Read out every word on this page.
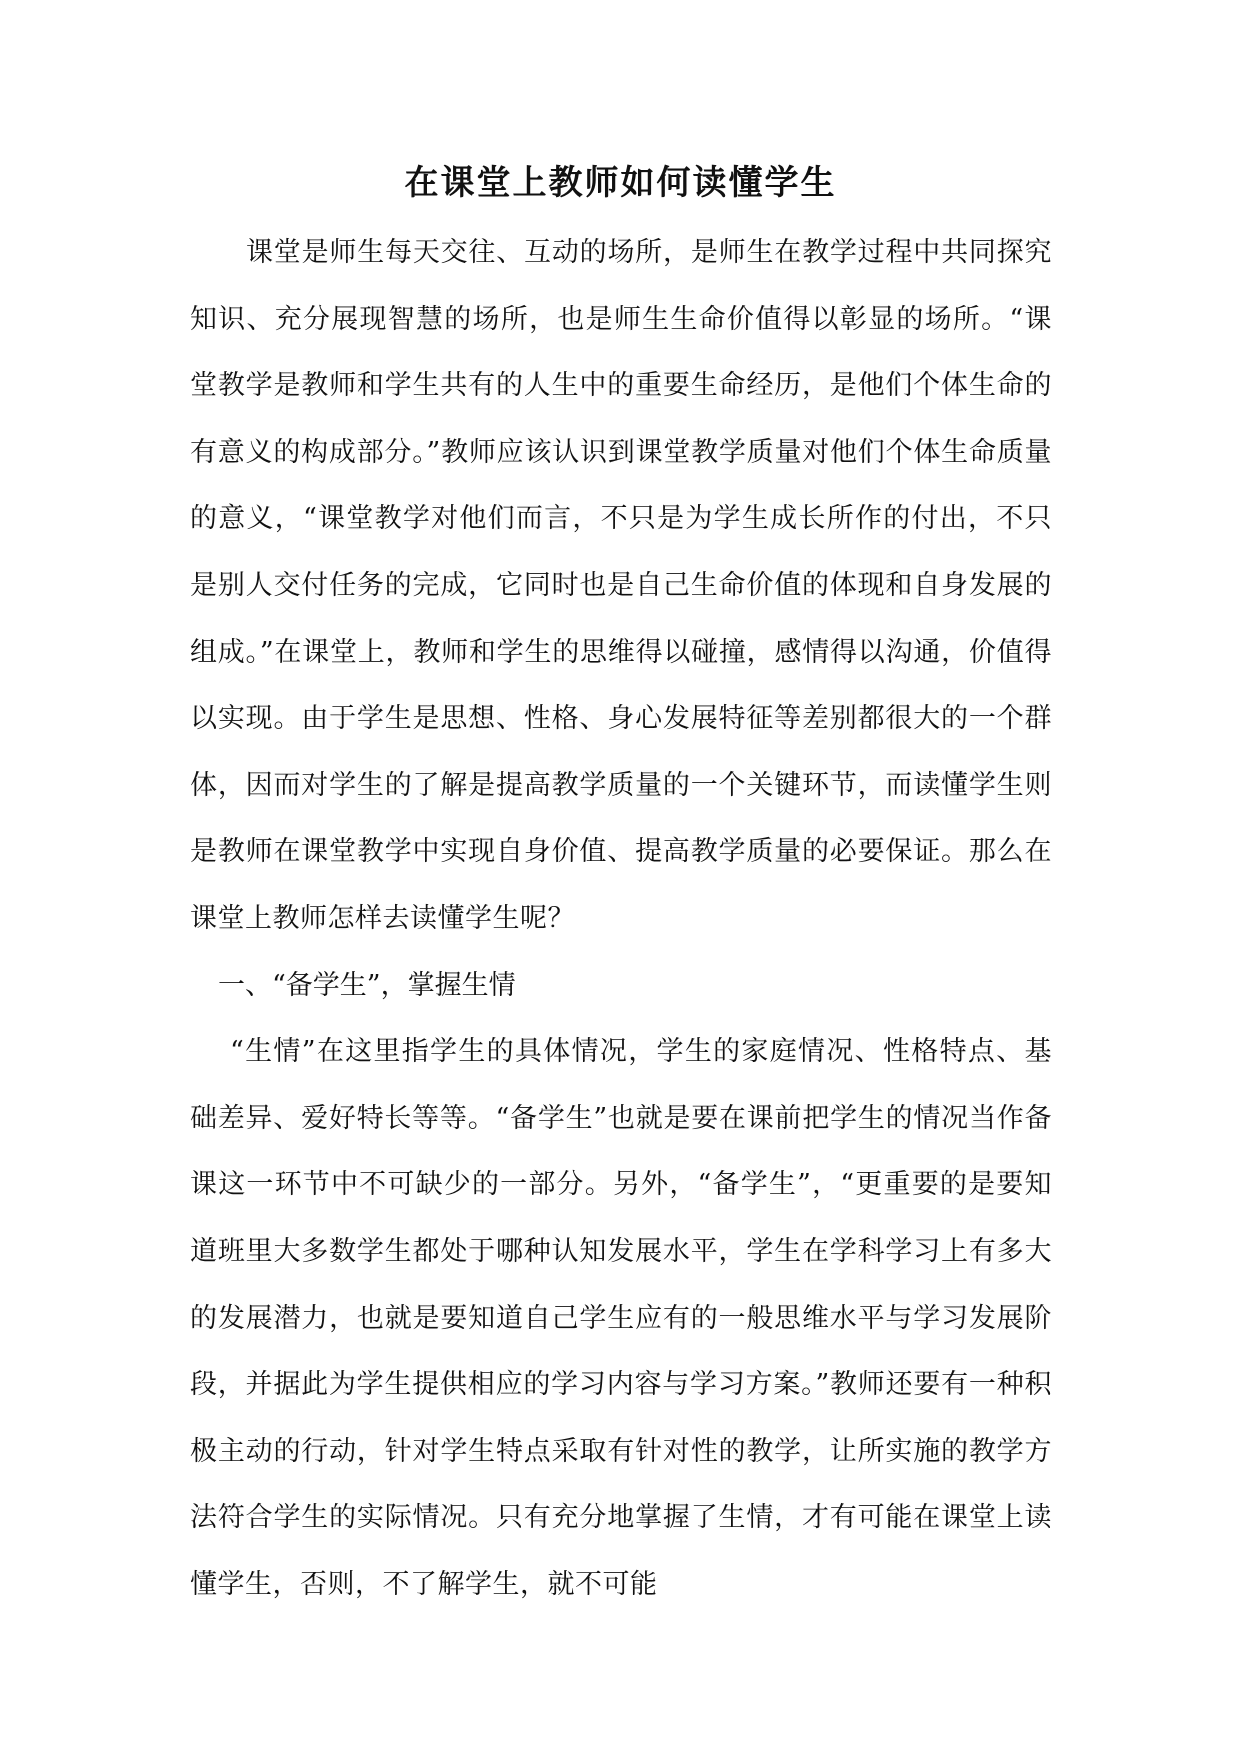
在课堂上教师如何读懂学生

课堂是师生每天交往、互动的场所，是师生在教学过程中共同探究知识、充分展现智慧的场所，也是师生生命价值得以彰显的场所。“课堂教学是教师和学生共有的人生中的重要生命经历，是他们个体生命的有意义的构成部分。”教师应该认识到课堂教学质量对他们个体生命质量的意义，“课堂教学对他们而言，不只是为学生成长所作的付出，不只是别人交付任务的完成，它同时也是自己生命价值的体现和自身发展的组成。”在课堂上，教师和学生的思维得以碰撞，感情得以沟通，价值得以实现。由于学生是思想、性格、身心发展特征等差别都很大的一个群体，因而对学生的了解是提高教学质量的一个关键环节，而读懂学生则是教师在课堂教学中实现自身价值、提高教学质量的必要保证。那么在课堂上教师怎样去读懂学生呢？

一、“备学生”，掌握生情

“生情”在这里指学生的具体情况，学生的家庭情况、性格特点、基础差异、爱好特长等等。“备学生”也就是要在课前把学生的情况当作备课这一环节中不可缺少的一部分。另外，“备学生”，“更重要的是要知道班里大多数学生都处于哪种认知发展水平，学生在学科学习上有多大的发展潜力，也就是要知道自己学生应有的一般思维水平与学习发展阶段，并据此为学生提供相应的学习内容与学习方案。”教师还要有一种积极主动的行动，针对学生特点采取有针对性的教学，让所实施的教学方法符合学生的实际情况。只有充分地掌握了生情，才有可能在课堂上读懂学生，否则，不了解学生，就不可能
